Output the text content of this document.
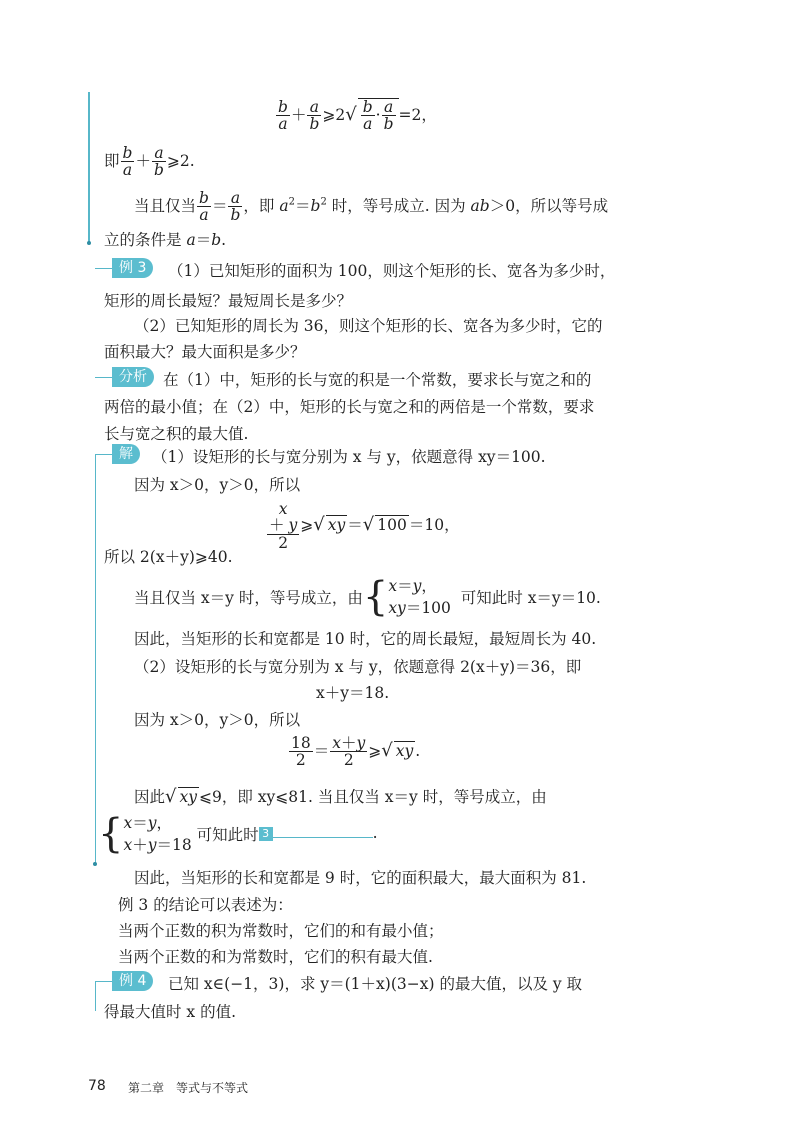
$\frac{b}{a} + \frac{a}{b}$ ⩾2√ $\frac{b}{a} \cdot \frac{a}{b} =2$，
即 $\frac{b}{a} + \frac{a}{b}$ ⩾2.
当且仅当 $\frac{b}{a} = \frac{a}{b}$ ，即 $a^2=b^2$ 时，等号成立. 因为 ab＞0，所以等号成
立的条件是 a＝b.
例 3	（1）已知矩形的面积为 100，则这个矩形的长、宽各为多少时，
矩形的周长最短？最短周长是多少？
（2）已知矩形的周长为 36，则这个矩形的长、宽各为多少时，它的
面积最大？最大面积是多少？
分析	在（1）中，矩形的长与宽的积是一个常数，要求长与宽之和的
两倍的最小值；在（2）中，矩形的长与宽之和的两倍是一个常数，要求
长与宽之积的最大值.
解	（1）设矩形的长与宽分别为 x 与 y，依题意得 xy＝100.
因为 x＞0，y＞0，所以
x
＋ y
2
⩾√ xy ＝√ 100 ＝10，
所以 2(x＋y)⩾40.
当且仅当 x＝y 时，等号成立，由{x＝y，
xy＝100  可知此时 x＝y＝10.
因此，当矩形的长和宽都是 10 时，它的周长最短，最短周长为 40.
（2）设矩形的长与宽分别为 x 与 y，依题意得 2(x＋y)＝36，即
x＋y＝18.
因为 x＞0，y＞0，所以
$\frac{18}{2} = \frac{x+y}{2}$ ⩾√ xy .
因此√ xy ⩽9，即 xy⩽81. 当且仅当 x＝y 时，等号成立，由
{x＝y，
x＋y＝18 可知此时 3	.
因此，当矩形的长和宽都是 9 时，它的面积最大，最大面积为 81.
例 3 的结论可以表述为：
当两个正数的积为常数时，它们的和有最小值；
当两个正数的和为常数时，它们的积有最大值.
例 4	已知 x∈(−1，3)，求 y＝(1＋x)(3−x) 的最大值，以及 y 取
得最大值时 x 的值.
78 第二章　等式与不等式
